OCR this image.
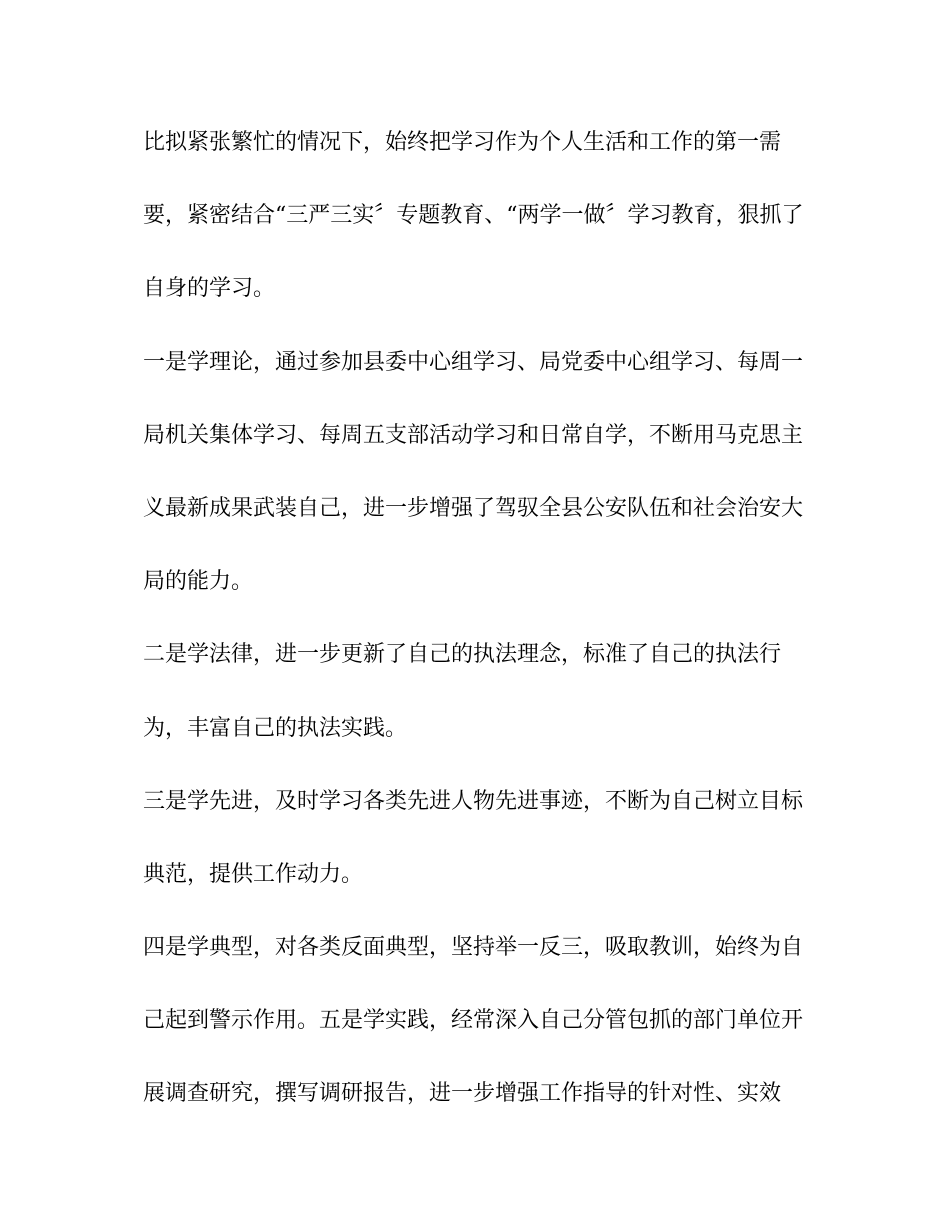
比拟紧张繁忙的情况下，始终把学习作为个人生活和工作的第一需
要，紧密结合“三严三实〞专题教育、“两学一做〞学习教育，狠抓了
自身的学习。
一是学理论，通过参加县委中心组学习、局党委中心组学习、每周一
局机关集体学习、每周五支部活动学习和日常自学，不断用马克思主
义最新成果武装自己，进一步增强了驾驭全县公安队伍和社会治安大
局的能力。
二是学法律，进一步更新了自己的执法理念，标准了自己的执法行
为，丰富自己的执法实践。
三是学先进，及时学习各类先进人物先进事迹，不断为自己树立目标
典范，提供工作动力。
四是学典型，对各类反面典型，坚持举一反三，吸取教训，始终为自
己起到警示作用。五是学实践，经常深入自己分管包抓的部门单位开
展调查研究，撰写调研报告，进一步增强工作指导的针对性、实效
